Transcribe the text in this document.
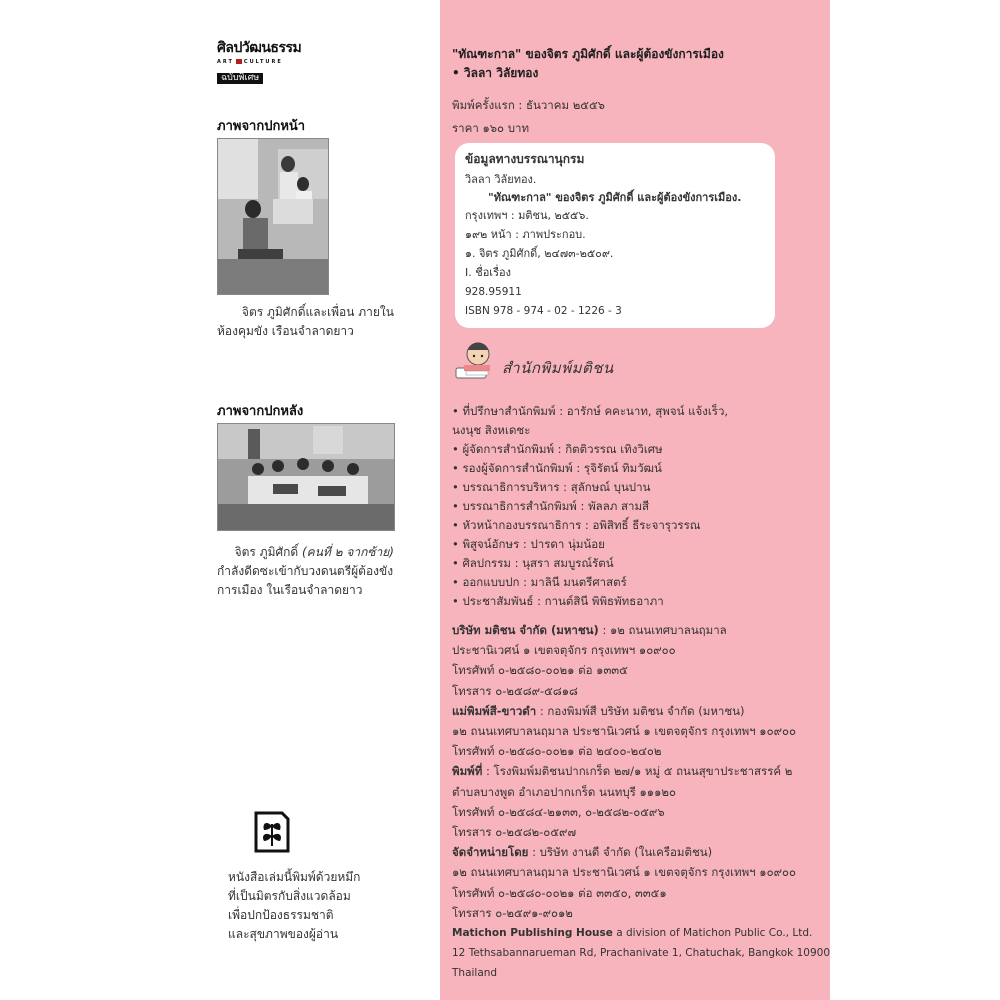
ศิลปวัฒนธรรม
ART CULTURE
ฉบับพิเศษ
ภาพจากปกหน้า

จิตร ภูมิศักดิ์และเพื่อน ภายใน

ห้องคุมขัง เรือนจำลาดยาว

ภาพจากปกหลัง

จิตร ภูมิศักดิ์ (คนที่ ๒ จากซ้าย)

กำลังดีดซะเข้ากับวงดนตรีผู้ต้องขัง

การเมือง ในเรือนจำลาดยาว

หนังสือเล่มนี้พิมพ์ด้วยหมึก

ที่เป็นมิตรกับสิ่งแวดล้อม

เพื่อปกป้องธรรมชาติ

และสุขภาพของผู้อ่าน

"ทัณฑะกาล" ของจิตร ภูมิศักดิ์ และผู้ต้องขังการเมือง
• วิลลา วิลัยทอง
พิมพ์ครั้งแรก : ธันวาคม ๒๕๕๖
ราคา ๑๖๐ บาท
ข้อมูลทางบรรณานุกรม
วิลลา วิลัยทอง.
"ทัณฑะกาล" ของจิตร ภูมิศักดิ์ และผู้ต้องขังการเมือง.
กรุงเทพฯ : มติชน, ๒๕๕๖.
๑๙๒ หน้า : ภาพประกอบ.
๑. จิตร ภูมิศักดิ์, ๒๔๗๓-๒๕๐๙.
I. ชื่อเรื่อง
928.95911
ISBN 978 - 974 - 02 - 1226 - 3
สำนักพิมพ์มติชน
• ที่ปรึกษาสำนักพิมพ์ : อารักษ์ คคะนาท, สุพจน์ แจ้งเร็ว,
นงนุช สิงหเดชะ
• ผู้จัดการสำนักพิมพ์ : กิตติวรรณ เทิงวิเศษ
• รองผู้จัดการสำนักพิมพ์ : รุจิรัตน์ ทิมวัฒน์
• บรรณาธิการบริหาร : สุลักษณ์ บุนปาน
• บรรณาธิการสำนักพิมพ์ : พัลลภ สามสี
• หัวหน้ากองบรรณาธิการ : อพิสิทธิ์ ธีระจารุวรรณ
• พิสูจน์อักษร : ปารดา นุ่มน้อย
• ศิลปกรรม : นุสรา สมบูรณ์รัตน์
• ออกแบบปก : มาลินี มนตรีศาสตร์
• ประชาสัมพันธ์ : กานต์สินี พิพิธพัทธอาภา
บริษัท มติชน จำกัด (มหาชน) : ๑๒ ถนนเทศบาลนฤมาล
ประชานิเวศน์ ๑ เขตจตุจักร กรุงเทพฯ ๑๐๙๐๐
โทรศัพท์ ๐-๒๕๘๐-๐๐๒๑ ต่อ ๑๓๓๕
โทรสาร ๐-๒๕๘๙-๕๘๑๘
แม่พิมพ์สี-ขาวดำ : กองพิมพ์สี บริษัท มติชน จำกัด (มหาชน)
๑๒ ถนนเทศบาลนฤมาล ประชานิเวศน์ ๑ เขตจตุจักร กรุงเทพฯ ๑๐๙๐๐
โทรศัพท์ ๐-๒๕๘๐-๐๐๒๑ ต่อ ๒๔๐๐-๒๔๐๒
พิมพ์ที่ : โรงพิมพ์มติชนปากเกร็ด ๒๗/๑ หมู่ ๕ ถนนสุขาประชาสรรค์ ๒
ตำบลบางพูด อำเภอปากเกร็ด นนทบุรี ๑๑๑๒๐
โทรศัพท์ ๐-๒๕๘๔-๒๑๓๓, ๐-๒๕๘๒-๐๕๙๖
โทรสาร ๐-๒๕๘๒-๐๕๙๗
จัดจำหน่ายโดย : บริษัท งานดี จำกัด (ในเครือมติชน)
๑๒ ถนนเทศบาลนฤมาล ประชานิเวศน์ ๑ เขตจตุจักร กรุงเทพฯ ๑๐๙๐๐
โทรศัพท์ ๐-๒๕๘๐-๐๐๒๑ ต่อ ๓๓๕๐, ๓๓๕๑
โทรสาร ๐-๒๕๙๑-๙๐๑๒
Matichon Publishing House a division of Matichon Public Co., Ltd.
12 Tethsabannarueman Rd, Prachanivate 1, Chatuchak, Bangkok 10900
Thailand
